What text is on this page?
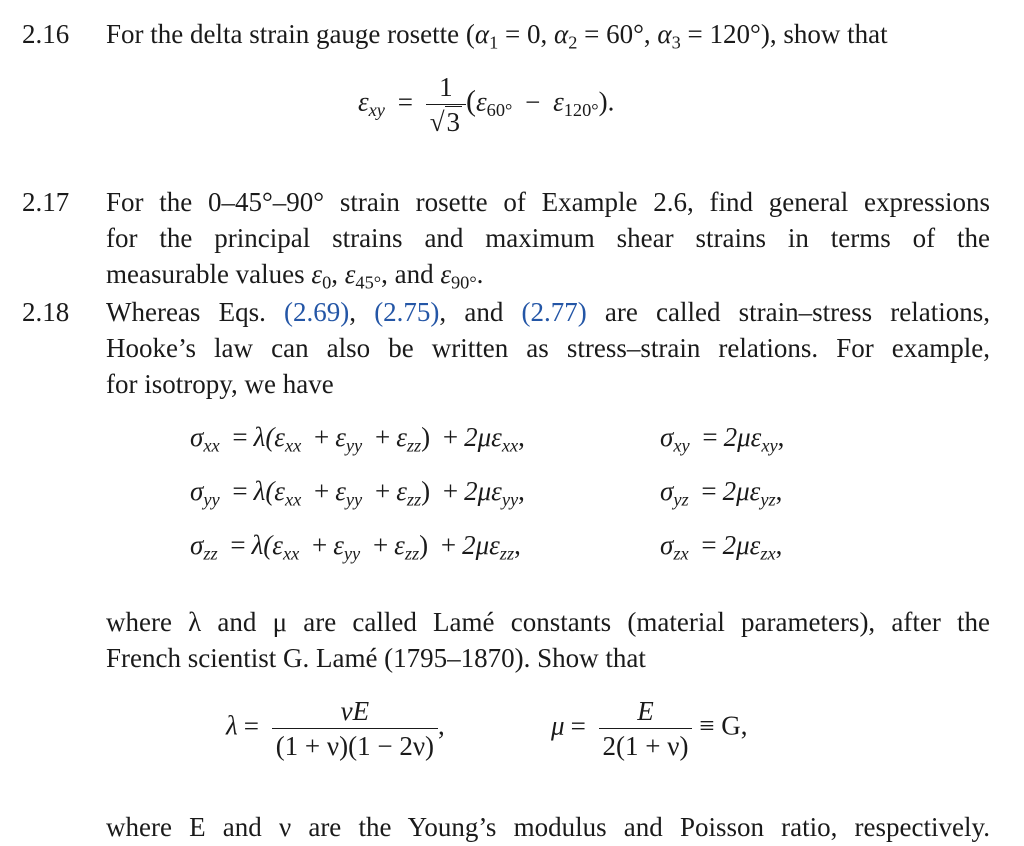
2.16 For the delta strain gauge rosette ($\alpha_1 = 0$, $\alpha_2 = 60^\circ$, $\alpha_3 = 120^\circ$), show that
$\varepsilon_{xy} = \frac{1}{√3} (\varepsilon_{60^\circ} - \varepsilon_{120^\circ})$.
2.17 For the 0–45°–90° strain rosette of Example 2.6, find general expressions
for the principal strains and maximum shear strains in terms of the
measurable values $\varepsilon_0$, $\varepsilon_{45^\circ}$, and $\varepsilon_{90^\circ}$.
2.18 Whereas Eqs. (2.69), (2.75), and (2.77) are called strain–stress relations,
Hooke’s law can also be written as stress–strain relations. For example,
for isotropy, we have
$\sigma_{xx} = \lambda(\varepsilon_{xx} + \varepsilon_{yy} + \varepsilon_{zz}) + 2\mu\varepsilon_{xx}$,
$\sigma_{yy} = \lambda(\varepsilon_{xx} + \varepsilon_{yy} + \varepsilon_{zz}) + 2\mu\varepsilon_{yy}$,
$\sigma_{zz} = \lambda(\varepsilon_{xx} + \varepsilon_{yy} + \varepsilon_{zz}) + 2\mu\varepsilon_{zz}$,
$\sigma_{xy} = 2\mu\varepsilon_{xy}$,
$\sigma_{yz} = 2\mu\varepsilon_{yz}$,
$\sigma_{zx} = 2\mu\varepsilon_{zx}$,
where λ and μ are called Lamé constants (material parameters), after the
French scientist G. Lamé (1795–1870). Show that
$\lambda = \frac{\nu E}{(1 + \nu)(1 - 2\nu)}$ ,	$\mu = \frac{E}{2(1 + \nu)} \equiv G$,
where E and ν are the Young’s modulus and Poisson ratio, respectively.
